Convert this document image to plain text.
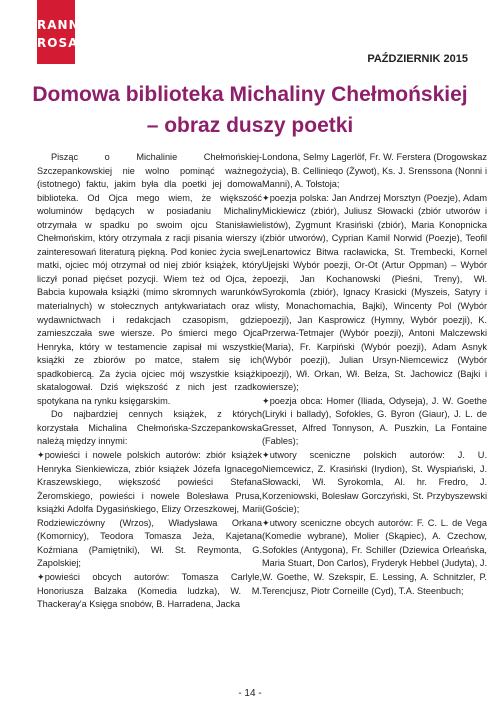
RANNA
ROSA
PAŹDZIERNIK 2015
Domowa biblioteka Michaliny Chełmońskiej
– obraz duszy poetki

Pisząc o Michalinie Chełmońskiej-Szczepankowskiej nie wolno pominąć ważnego (istotnego) faktu, jakim była dla poetki jej domowa biblioteka. Od Ojca mego wiem, że większość woluminów będących w posiadaniu Michaliny otrzymała w spadku po swoim ojcu Stanisławie Chełmońskim, który otrzymała z racji pisania wierszy i zainteresowań literaturą piękną. Pod koniec życia swej matki, ojciec mój otrzymał od niej zbiór książek, który liczył ponad pięćset pozycji. Wiem też od Ojca, że Babcia kupowała książki (mimo skromnych warunków materialnych) w stołecznych antykwariatach oraz w wydawnictwach i redakcjach czasopism, gdzie zamieszczała swe wiersze. Po śmierci mego Ojca Henryka, który w testamencie zapisał mi wszystkie książki ze zbiorów po matce, stałem się ich spadkobiercą. Za życia ojciec mój wszystkie książki skatalogował. Dziś większość z nich jest rzadko spotykana na rynku księgarskim.

Do najbardziej cennych książek, z których korzystała Michalina Chełmońska-Szczepankowska należą między innymi:

✦powieści i nowele polskich autorów: zbiór książek Henryka Sienkiewicza, zbiór książek Józefa Ignacego Kraszewskiego, większość powieści Stefana Żeromskiego, powieści i nowele Bolesława Prusa, książki Adolfa Dygasińskiego, Elizy Orzeszkowej, Marii Rodziewiczówny (Wrzos), Władysława Orkana (Komornicy), Teodora Tomasza Jeża, Kajetana Koźmiana (Pamiętniki), Wł. St. Reymonta, G. Zapolskiej;

✦powieści obcych autorów: Tomasza Carlyle, Honoriusza Balzaka (Komedia ludzka), W. M. Thackeray'a Księga snobów, B. Harradena, Jacka

Londona, Selmy Lagerlöf, Fr. W. Ferstera (Drogowskaz życia), B. Cellinieqo (Żywot), Ks. J. Srenssona (Nonni i Manni), A. Tołstoja;

✦poezja polska: Jan Andrzej Morsztyn (Poezje), Adam Mickiewicz (zbiór), Juliusz Słowacki (zbiór utworów i listów), Zygmunt Krasiński (zbiór), Maria Konopnicka (zbiór utworów), Cyprian Kamil Norwid (Poezje), Teofil Lenartowicz Bitwa racławicka, St. Trembecki, Kornel Ujejski Wybór poezji, Or-Ot (Artur Oppman) – Wybór poezji, Jan Kochanowski (Pieśni, Treny), Wł. Syrokomla (zbiór), Ignacy Krasicki (Myszeis, Satyry i listy, Monachomachia, Bajki), Wincenty Pol (Wybór poezji), Jan Kasprowicz (Hymny, Wybór poezji), K. Przerwa-Tetmajer (Wybór poezji), Antoni Malczewski (Maria), Fr. Karpiński (Wybór poezji), Adam Asnyk (Wybór poezji), Julian Ursyn-Niemcewicz (Wybór poezji), Wł. Orkan, Wł. Bełza, St. Jachowicz (Bajki i wiersze);

✦poezja obca: Homer (Iliada, Odyseja), J. W. Goethe (Liryki i ballady), Sofokles, G. Byron (Giaur), J. L. de Gresset, Alfred Tonnyson, A. Puszkin, La Fontaine (Fables);

✦utwory sceniczne polskich autorów: J. U. Niemcewicz, Z. Krasiński (Irydion), St. Wyspiański, J. Słowacki, Wł. Syrokomla, Al. hr. Fredro, J. Korzeniowski, Bolesław Gorczyński, St. Przybyszewski (Goście);

✦utwory sceniczne obcych autorów: F. C. L. de Vega (Komedie wybrane), Molier (Skąpiec), A. Czechow, Sofokles (Antygona), Fr. Schiller (Dziewica Orleańska, Maria Stuart, Don Carlos), Fryderyk Hebbel (Judyta), J. W. Goethe, W. Szekspir, E. Lessing, A. Schnitzler, P. Terencjusz, Piotr Corneille (Cyd), T.A. Steenbuch;

- 14 -
